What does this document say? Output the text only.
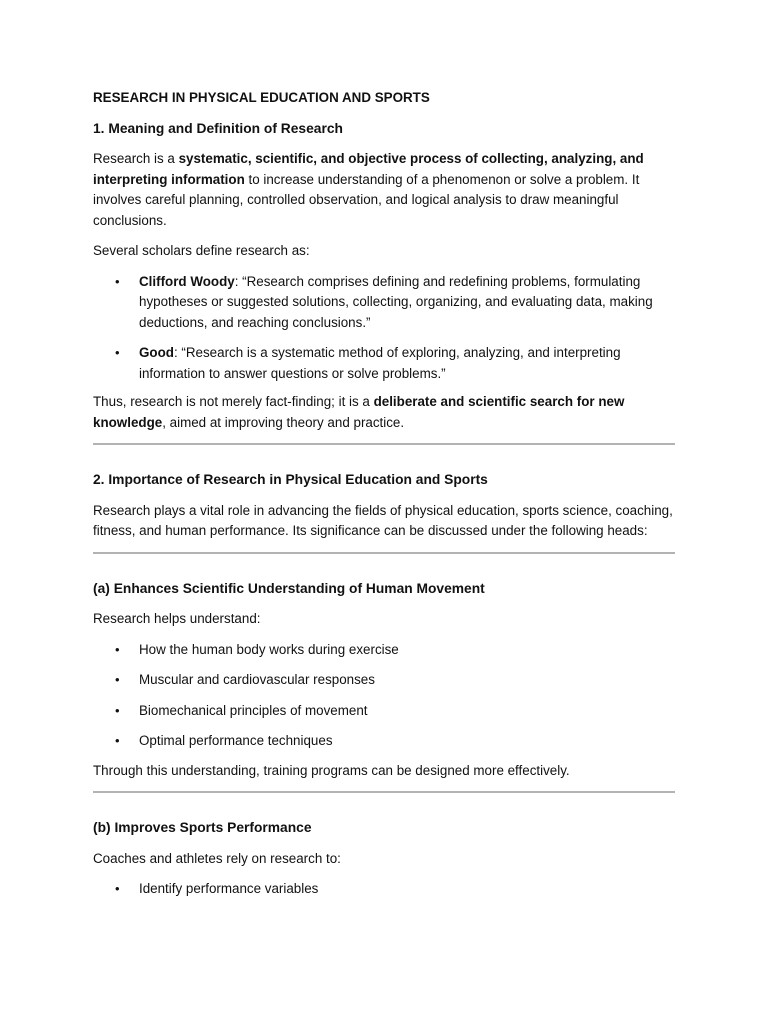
RESEARCH IN PHYSICAL EDUCATION AND SPORTS

1. Meaning and Definition of Research

Research is a systematic, scientific, and objective process of collecting, analyzing, and interpreting information to increase understanding of a phenomenon or solve a problem. It involves careful planning, controlled observation, and logical analysis to draw meaningful conclusions.

Several scholars define research as:

• Clifford Woody: “Research comprises defining and redefining problems, formulating hypotheses or suggested solutions, collecting, organizing, and evaluating data, making deductions, and reaching conclusions.”
• Good: “Research is a systematic method of exploring, analyzing, and interpreting information to answer questions or solve problems.”

Thus, research is not merely fact-finding; it is a deliberate and scientific search for new knowledge, aimed at improving theory and practice.

2. Importance of Research in Physical Education and Sports

Research plays a vital role in advancing the fields of physical education, sports science, coaching, fitness, and human performance. Its significance can be discussed under the following heads:

(a) Enhances Scientific Understanding of Human Movement

Research helps understand:

• How the human body works during exercise
• Muscular and cardiovascular responses
• Biomechanical principles of movement
• Optimal performance techniques

Through this understanding, training programs can be designed more effectively.

(b) Improves Sports Performance

Coaches and athletes rely on research to:

• Identify performance variables
